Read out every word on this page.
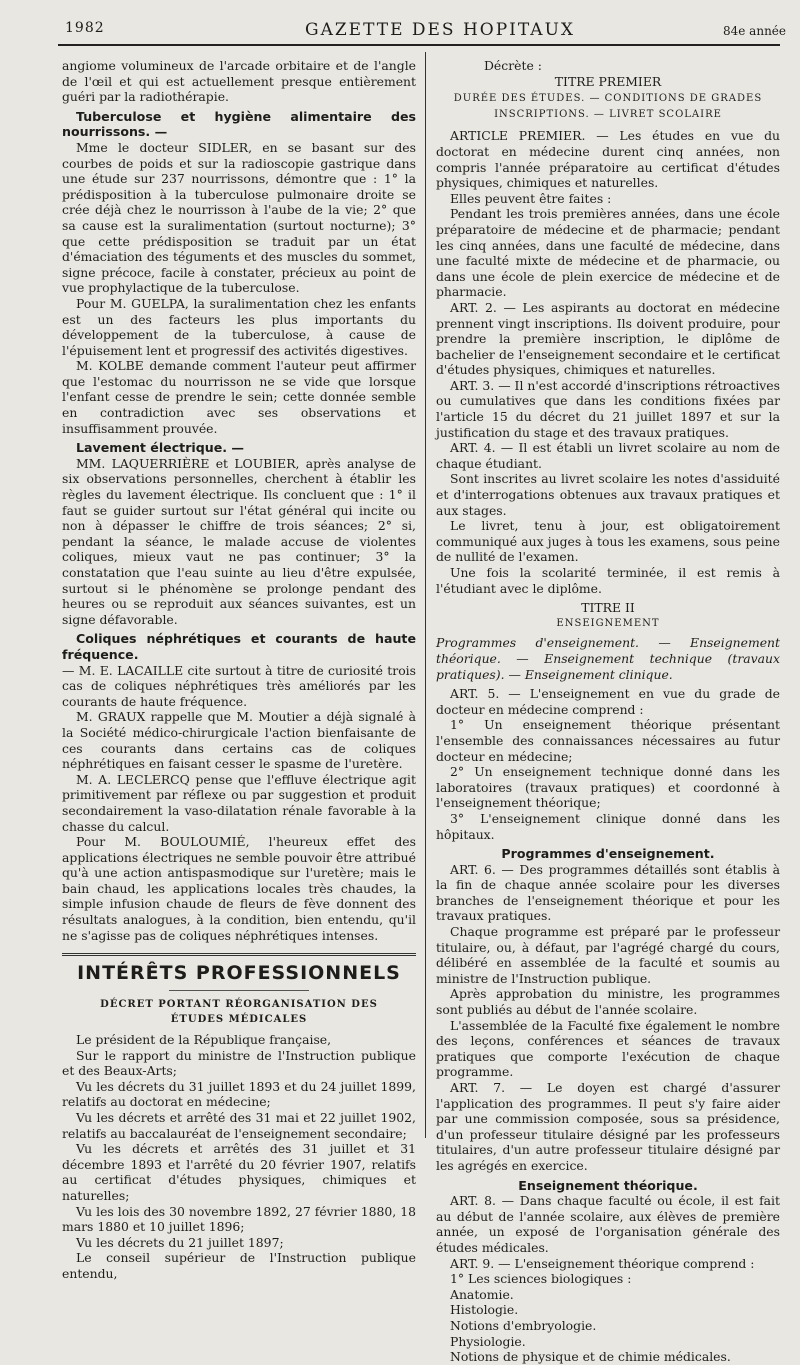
1982	GAZETTE DES HOPITAUX	84e année

angiome volumineux de l'arcade orbitaire et de l'angle de l'œil et qui est actuellement presque entièrement guéri par la radiothérapie.

Tuberculose et hygiène alimentaire des nourrissons. —

Mme le docteur SIDLER, en se basant sur des courbes de poids et sur la radioscopie gastrique dans une étude sur 237 nourrissons, démontre que : 1° la prédisposition à la tuberculose pulmonaire droite se crée déjà chez le nourrisson à l'aube de la vie; 2° que sa cause est la suralimentation (surtout nocturne); 3° que cette prédisposition se traduit par un état d'émaciation des téguments et des muscles du sommet, signe précoce, facile à constater, précieux au point de vue prophylactique de la tuberculose.

Pour M. GUELPA, la suralimentation chez les enfants est un des facteurs les plus importants du développement de la tuberculose, à cause de l'épuisement lent et progressif des activités digestives.

M. KOLBE demande comment l'auteur peut affirmer que l'estomac du nourrisson ne se vide que lorsque l'enfant cesse de prendre le sein; cette donnée semble en contradiction avec ses observations et insuffisamment prouvée.

Lavement électrique. —

MM. LAQUERRIÈRE et LOUBIER, après analyse de six observations personnelles, cherchent à établir les règles du lavement électrique. Ils concluent que : 1° il faut se guider surtout sur l'état général qui incite ou non à dépasser le chiffre de trois séances; 2° si, pendant la séance, le malade accuse de violentes coliques, mieux vaut ne pas continuer; 3° la constatation que l'eau suinte au lieu d'être expulsée, surtout si le phénomène se prolonge pendant des heures ou se reproduit aux séances suivantes, est un signe défavorable.

Coliques néphrétiques et courants de haute fréquence.

— M. E. LACAILLE cite surtout à titre de curiosité trois cas de coliques néphrétiques très améliorés par les courants de haute fréquence.

M. GRAUX rappelle que M. Moutier a déjà signalé à la Société médico-chirurgicale l'action bienfaisante de ces courants dans certains cas de coliques néphrétiques en faisant cesser le spasme de l'uretère.

M. A. LECLERCQ pense que l'effluve électrique agit primitivement par réflexe ou par suggestion et produit secondairement la vaso-dilatation rénale favorable à la chasse du calcul.

Pour M. BOULOUMIÉ, l'heureux effet des applications électriques ne semble pouvoir être attribué qu'à une action antispasmodique sur l'uretère; mais le bain chaud, les applications locales très chaudes, la simple infusion chaude de fleurs de fève donnent des résultats analogues, à la condition, bien entendu, qu'il ne s'agisse pas de coliques néphrétiques intenses.

INTÉRÊTS PROFESSIONNELS

DÉCRET PORTANT RÉORGANISATION DES ÉTUDES MÉDICALES

Le président de la République française,

Sur le rapport du ministre de l'Instruction publique et des Beaux-Arts;

Vu les décrets du 31 juillet 1893 et du 24 juillet 1899, relatifs au doctorat en médecine;

Vu les décrets et arrêté des 31 mai et 22 juillet 1902, relatifs au baccalauréat de l'enseignement secondaire;

Vu les décrets et arrêtés des 31 juillet et 31 décembre 1893 et l'arrêté du 20 février 1907, relatifs au certificat d'études physiques, chimiques et naturelles;

Vu les lois des 30 novembre 1892, 27 février 1880, 18 mars 1880 et 10 juillet 1896;

Vu les décrets du 21 juillet 1897;

Le conseil supérieur de l'Instruction publique entendu,

Décrète :

TITRE PREMIER

DURÉE DES ÉTUDES. — CONDITIONS DE GRADES INSCRIPTIONS. — LIVRET SCOLAIRE

ARTICLE PREMIER. — Les études en vue du doctorat en médecine durent cinq années, non compris l'année préparatoire au certificat d'études physiques, chimiques et naturelles.

Elles peuvent être faites :

Pendant les trois premières années, dans une école préparatoire de médecine et de pharmacie; pendant les cinq années, dans une faculté de médecine, dans une faculté mixte de médecine et de pharmacie, ou dans une école de plein exercice de médecine et de pharmacie.

ART. 2. — Les aspirants au doctorat en médecine prennent vingt inscriptions. Ils doivent produire, pour prendre la première inscription, le diplôme de bachelier de l'enseignement secondaire et le certificat d'études physiques, chimiques et naturelles.

ART. 3. — Il n'est accordé d'inscriptions rétroactives ou cumulatives que dans les conditions fixées par l'article 15 du décret du 21 juillet 1897 et sur la justification du stage et des travaux pratiques.

ART. 4. — Il est établi un livret scolaire au nom de chaque étudiant.

Sont inscrites au livret scolaire les notes d'assiduité et d'interrogations obtenues aux travaux pratiques et aux stages.

Le livret, tenu à jour, est obligatoirement communiqué aux juges à tous les examens, sous peine de nullité de l'examen.

Une fois la scolarité terminée, il est remis à l'étudiant avec le diplôme.

TITRE II

ENSEIGNEMENT

Programmes d'enseignement. — Enseignement théorique. — Enseignement technique (travaux pratiques). — Enseignement clinique.

ART. 5. — L'enseignement en vue du grade de docteur en médecine comprend :

1° Un enseignement théorique présentant l'ensemble des connaissances nécessaires au futur docteur en médecine;

2° Un enseignement technique donné dans les laboratoires (travaux pratiques) et coordonné à l'enseignement théorique;

3° L'enseignement clinique donné dans les hôpitaux.

Programmes d'enseignement.

ART. 6. — Des programmes détaillés sont établis à la fin de chaque année scolaire pour les diverses branches de l'enseignement théorique et pour les travaux pratiques.

Chaque programme est préparé par le professeur titulaire, ou, à défaut, par l'agrégé chargé du cours, délibéré en assemblée de la faculté et soumis au ministre de l'Instruction publique.

Après approbation du ministre, les programmes sont publiés au début de l'année scolaire.

L'assemblée de la Faculté fixe également le nombre des leçons, conférences et séances de travaux pratiques que comporte l'exécution de chaque programme.

ART. 7. — Le doyen est chargé d'assurer l'application des programmes. Il peut s'y faire aider par une commission composée, sous sa présidence, d'un professeur titulaire désigné par les professeurs titulaires, d'un autre professeur titulaire désigné par les agrégés en exercice.

Enseignement théorique.

ART. 8. — Dans chaque faculté ou école, il est fait au début de l'année scolaire, aux élèves de première année, un exposé de l'organisation générale des études médicales.

ART. 9. — L'enseignement théorique comprend :

1° Les sciences biologiques :

Anatomie.

Histologie.

Notions d'embryologie.

Physiologie.

Notions de physique et de chimie médicales.
